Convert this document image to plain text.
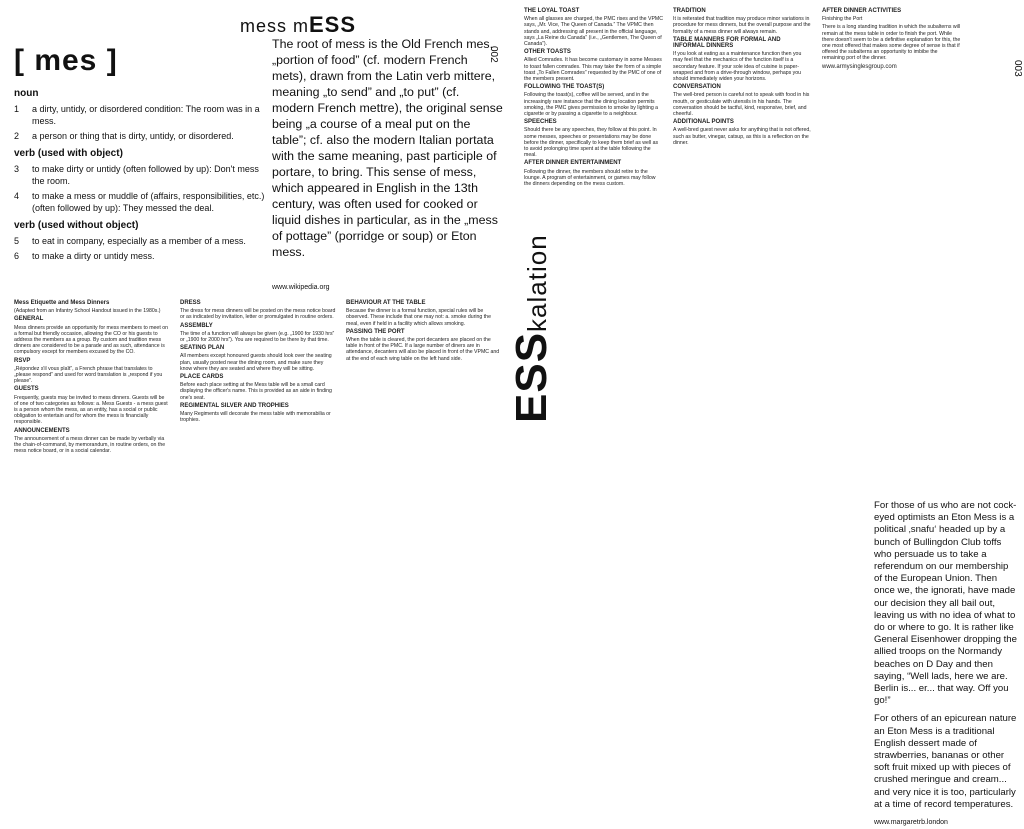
mess mESS
[ mes ]
noun
1	a dirty, untidy, or disordered condition: The room was in a mess.
2	a person or thing that is dirty, untidy, or disordered.
verb (used with object)
3	to make dirty or untidy (often followed by up): Don't mess the room.
4	to make a mess or muddle of (affairs, responsibilities, etc.) (often followed by up): They messed the deal.
verb (used without object)
5	to eat in company, especially as a member of a mess.
6	to make a dirty or untidy mess.
The root of mess is the Old French mes, „portion of food” (cf. modern French mets), drawn from the Latin verb mittere, meaning „to send” and „to put” (cf. modern French mettre), the original sense being „a course of a meal put on the table”; cf. also the modern Italian portata with the same meaning, past participle of portare, to bring. This sense of mess, which appeared in English in the 13th century, was often used for cooked or liquid dishes in particular, as in the „mess of pottage” (porridge or soup) or Eton mess.
www.wikipedia.org
002
Mess Etiquette and Mess Dinners

(Adapted from an Infantry School Handout issued in the 1980s.)

GENERAL

Mess dinners provide an opportunity for mess members to meet on a formal but friendly occasion, allowing the CO or his guests to address the members as a group. By custom and tradition mess dinners are considered to be a parade and as such, attendance is compulsory except for members excused by the CO.

RSVP

„Répondez s'il vous plaît”, a French phrase that translates to „please respond” and used for word translation is „respond if you please”.

GUESTS

Frequently, guests may be invited to mess dinners. Guests will be of one of two categories as follows: a. Mess Guests - a mess guest is a person whom the mess, as an entity, has a social or public obligation to entertain and for whom the mess is financially responsible.

ANNOUNCEMENTS

The announcement of a mess dinner can be made by verbally via the chain-of-command, by memorandum, in routine orders, on the mess notice board, or in a social calendar.

DRESS

The dress for mess dinners will be posted on the mess notice board or as indicated by invitation, letter or promulgated in routine orders.

ASSEMBLY

The time of a function will always be given (e.g. „1900 for 1930 hrs” or „1900 for 2000 hrs”). You are required to be there by that time.

SEATING PLAN

All members except honoured guests should look over the seating plan, usually posted near the dining room, and make sure they know where they are seated and where they will be sitting.

PLACE CARDS

Before each place setting at the Mess table will be a small card displaying the officer's name. This is provided as an aide in finding one's seat.

REGIMENTAL SILVER AND TROPHIES

Many Regiments will decorate the mess table with memorabilia or trophies.

BEHAVIOUR AT THE TABLE

Because the dinner is a formal function, special rules will be observed. These include that one may not: a. smoke during the meal, even if held in a facility which allows smoking.

PASSING THE PORT

When the table is cleared, the port decanters are placed on the table in front of the PMC. If a large number of diners are in attendance, decanters will also be placed in front of the VPMC and at the end of each wing table on the left hand side.

003
THE LOYAL TOAST

When all glasses are charged, the PMC rises and the VPMC says, „Mr. Vice, The Queen of Canada.” The VPMC then stands and, addressing all present in the official language, says „La Reine du Canada” (i.e., „Gentlemen, The Queen of Canada”).

OTHER TOASTS

Allied Comrades. It has become customary in some Messes to toast fallen comrades. This may take the form of a simple toast „To Fallen Comrades” requested by the PMC of one of the members present.

FOLLOWING THE TOAST(S)

Following the toast(s), coffee will be served, and in the increasingly rare instance that the dining location permits smoking, the PMC gives permission to smoke by lighting a cigarette or by passing a cigarette to a neighbour.

SPEECHES

Should there be any speeches, they follow at this point. In some messes, speeches or presentations may be done before the dinner, specifically to keep them brief as well as to avoid prolonging time spent at the table following the meal.

AFTER DINNER ENTERTAINMENT

Following the dinner, the members should retire to the lounge. A program of entertainment, or games may follow the dinners depending on the mess custom.

TRADITION

It is reiterated that tradition may produce minor variations in procedure for mess dinners, but the overall purpose and the formality of a mess dinner will always remain.

TABLE MANNERS FOR FORMAL AND INFORMAL DINNERS

If you look at eating as a maintenance function then you may feel that the mechanics of the function itself is a secondary feature. If your sole idea of cuisine is paper-wrapped and from a drive-through window, perhaps you should immediately widen your horizons.

CONVERSATION

The well-bred person is careful not to speak with food in his mouth, or gesticulate with utensils in his hands. The conversation should be tactful, kind, responsive, brief, and cheerful.

ADDITIONAL POINTS

A well-bred guest never asks for anything that is not offered, such as butter, vinegar, catsup, as this is a reflection on the dinner.

AFTER DINNER ACTIVITIES

Finishing the Port

There is a long standing tradition in which the subalterns will remain at the mess table in order to finish the port. While there doesn't seem to be a definitive explanation for this, the one most offered that makes some degree of sense is that if offered the subalterns an opportunity to imbibe the remaining port of the dinner.

www.armysinglesgroup.com

ESSkalation

For those of us who are not cock-eyed optimists an Eton Mess is a political ‚snafu‘ headed up by a bunch of Bullingdon Club toffs who persuade us to take a referendum on our membership of the European Union. Then once we, the ignorati, have made our decision they all bail out, leaving us with no idea of what to do or where to go. It is rather like General Eisenhower dropping the allied troops on the Normandy beaches on D Day and then saying, “Well lads, here we are. Berlin is... er... that way. Off you go!”

For others of an epicurean nature an Eton Mess is a traditional English dessert made of strawberries, bananas or other soft fruit mixed up with pieces of crushed meringue and cream... and very nice it is too, particularly at a time of record temperatures.

www.margaretrb.london
